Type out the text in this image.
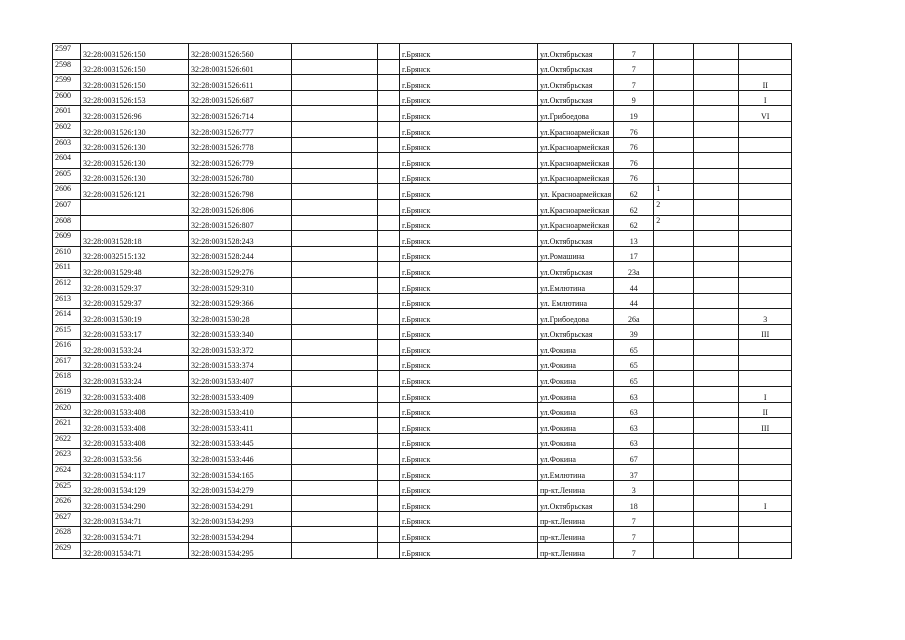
2597	32:28:0031526:150	32:28:0031526:560			г.Брянск	ул.Октябрьская	7			
2598	32:28:0031526:150	32:28:0031526:601			г.Брянск	ул.Октябрьская	7			
2599	32:28:0031526:150	32:28:0031526:611			г.Брянск	ул.Октябрьская	7			II
2600	32:28:0031526:153	32:28:0031526:687			г.Брянск	ул.Октябрьская	9			I
2601	32:28:0031526:96	32:28:0031526:714			г.Брянск	ул.Грибоедова	19			VI
2602	32:28:0031526:130	32:28:0031526:777			г.Брянск	ул.Красноармейская	76			
2603	32:28:0031526:130	32:28:0031526:778			г.Брянск	ул.Красноармейская	76			
2604	32:28:0031526:130	32:28:0031526:779			г.Брянск	ул.Красноармейская	76			
2605	32:28:0031526:130	32:28:0031526:780			г.Брянск	ул.Красноармейская	76			
2606	32:28:0031526:121	32:28:0031526:798			г.Брянск	ул. Красноармейская	62	1		
2607		32:28:0031526:806			г.Брянск	ул.Красноармейская	62	2		
2608		32:28:0031526:807			г.Брянск	ул.Красноармейская	62	2		
2609	32:28:0031528:18	32:28:0031528:243			г.Брянск	ул.Октябрьская	13			
2610	32:28:0032515:132	32:28:0031528:244			г.Брянск	ул.Ромашина	17			
2611	32:28:0031529:48	32:28:0031529:276			г.Брянск	ул.Октябрьская	23а			
2612	32:28:0031529:37	32:28:0031529:310			г.Брянск	ул.Емлютина	44			
2613	32:28:0031529:37	32:28:0031529:366			г.Брянск	ул. Емлютина	44			
2614	32:28:0031530:19	32:28:0031530:28			г.Брянск	ул.Грибоедова	26а			3
2615	32:28:0031533:17	32:28:0031533:340			г.Брянск	ул.Октябрьская	39			III
2616	32:28:0031533:24	32:28:0031533:372			г.Брянск	ул.Фокина	65			
2617	32:28:0031533:24	32:28:0031533:374			г.Брянск	ул.Фокина	65			
2618	32:28:0031533:24	32:28:0031533:407			г.Брянск	ул.Фокина	65			
2619	32:28:0031533:408	32:28:0031533:409			г.Брянск	ул.Фокина	63			I
2620	32:28:0031533:408	32:28:0031533:410			г.Брянск	ул.Фокина	63			II
2621	32:28:0031533:408	32:28:0031533:411			г.Брянск	ул.Фокина	63			III
2622	32:28:0031533:408	32:28:0031533:445			г.Брянск	ул.Фокина	63			
2623	32:28:0031533:56	32:28:0031533:446			г.Брянск	ул.Фокина	67			
2624	32:28:0031534:117	32:28:0031534:165			г.Брянск	ул.Емлютина	37			
2625	32:28:0031534:129	32:28:0031534:279			г.Брянск	пр-кт.Ленина	3			
2626	32:28:0031534:290	32:28:0031534:291			г.Брянск	ул.Октябрьская	18			I
2627	32:28:0031534:71	32:28:0031534:293			г.Брянск	пр-кт.Ленина	7			
2628	32:28:0031534:71	32:28:0031534:294			г.Брянск	пр-кт.Ленина	7			
2629	32:28:0031534:71	32:28:0031534:295			г.Брянск	пр-кт.Ленина	7			
